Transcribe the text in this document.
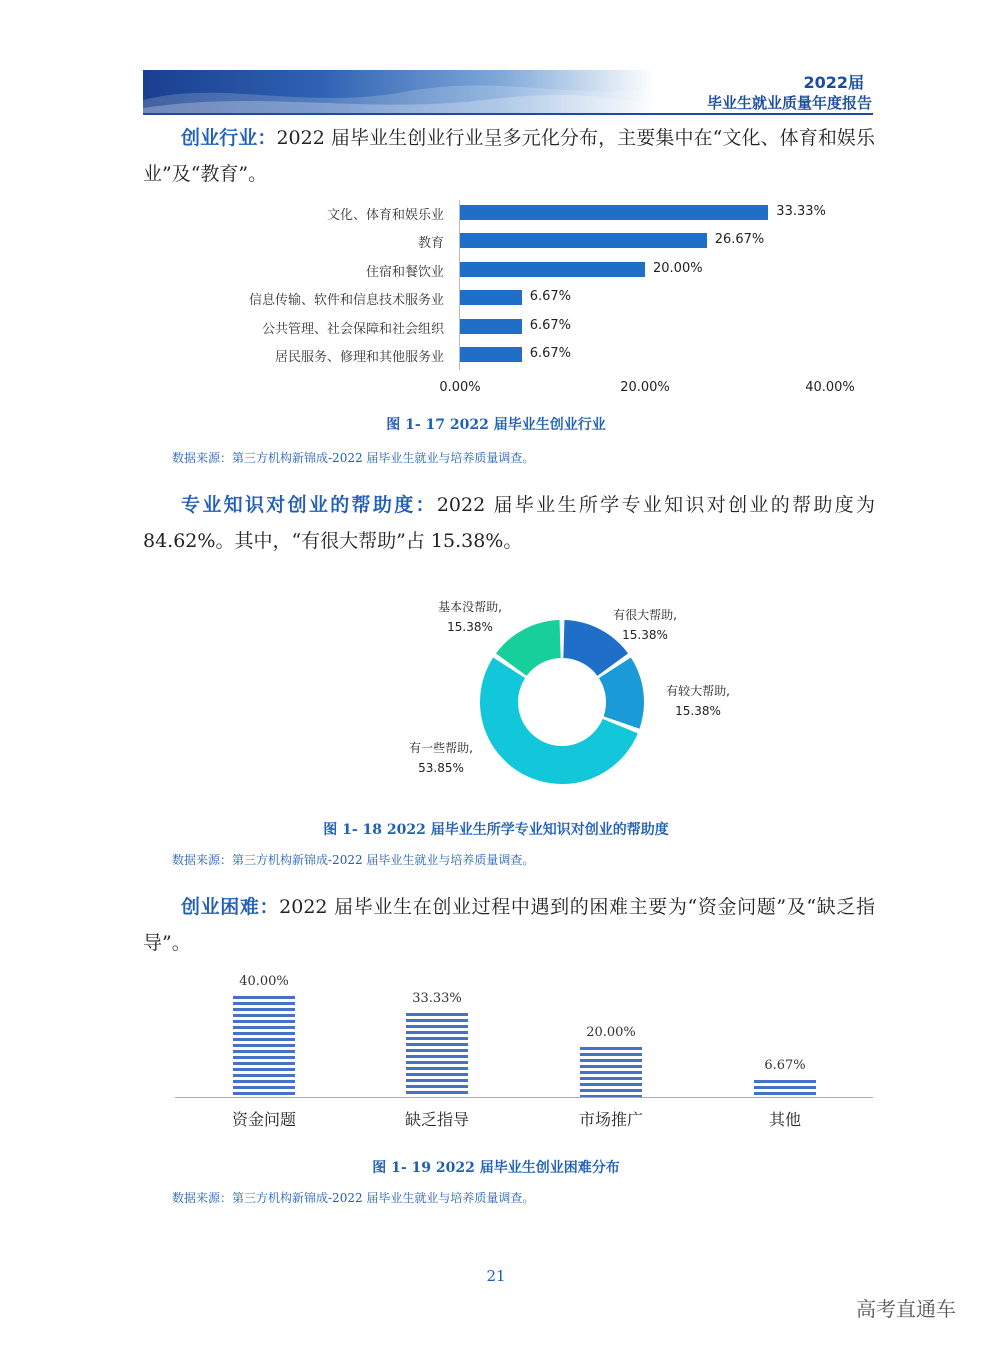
2022届
毕业生就业质量年度报告
创业行业：2022 届毕业生创业行业呈多元化分布，主要集中在“文化、体育和娱乐业”及“教育”。
文化、体育和娱乐业	33.33%
教育	26.67%
住宿和餐饮业	20.00%
信息传输、软件和信息技术服务业	6.67%
公共管理、社会保障和社会组织	6.67%
居民服务、修理和其他服务业	6.67%
0.00%	20.00%	40.00%
图 1- 17 2022 届毕业生创业行业
数据来源：第三方机构新锦成-2022 届毕业生就业与培养质量调查。
专业知识对创业的帮助度：2022 届毕业生所学专业知识对创业的帮助度为 84.62%。其中，“有很大帮助”占 15.38%。
有很大帮助,
15.38%
有较大帮助,
15.38%
有一些帮助,
53.85%
基本没帮助,
15.38%
图 1- 18 2022 届毕业生所学专业知识对创业的帮助度
数据来源：第三方机构新锦成-2022 届毕业生就业与培养质量调查。
创业困难：2022 届毕业生在创业过程中遇到的困难主要为“资金问题”及“缺乏指导”。
40.00%
资金问题
33.33%
缺乏指导
20.00%
市场推广
6.67%
其他
图 1- 19 2022 届毕业生创业困难分布
数据来源：第三方机构新锦成-2022 届毕业生就业与培养质量调查。
21
高考直通车
